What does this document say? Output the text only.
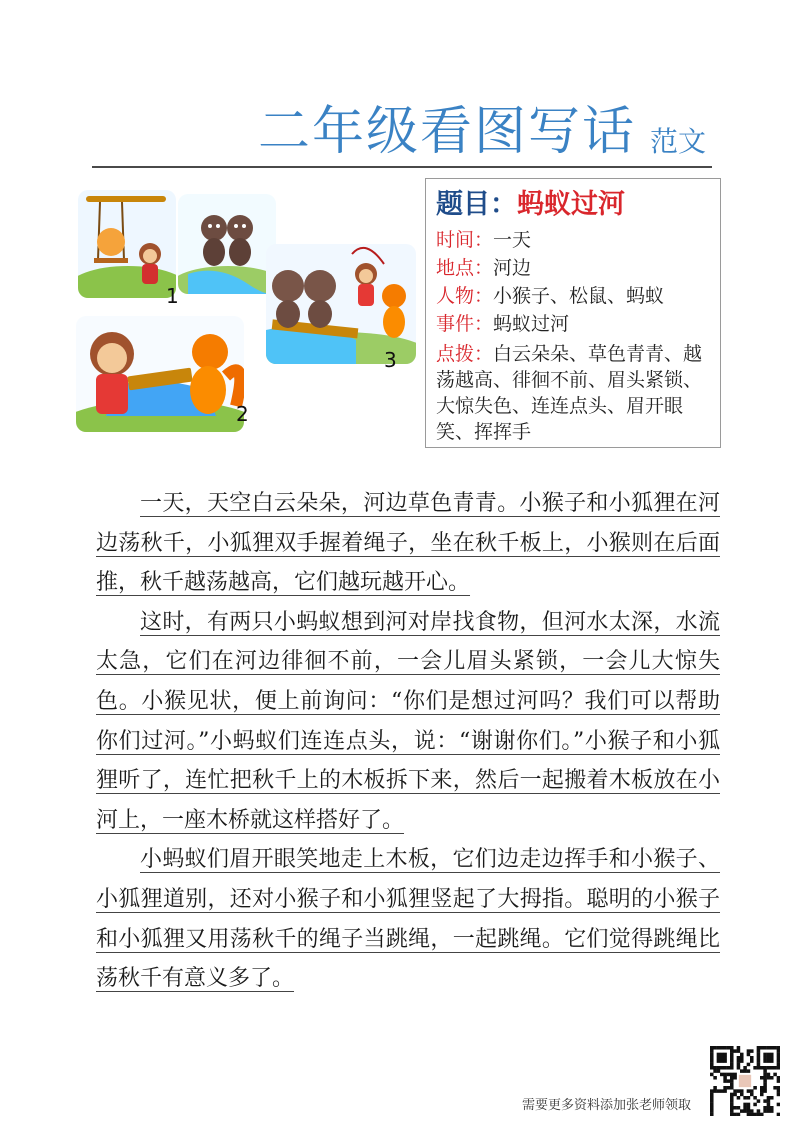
二年级看图写话 范文
1
2
3
题目：蚂蚁过河
时间：一天
地点：河边
人物：小猴子、松鼠、蚂蚁
事件：蚂蚁过河
点拨：白云朵朵、草色青青、越荡越高、徘徊不前、眉头紧锁、大惊失色、连连点头、眉开眼笑、挥挥手

一天，天空白云朵朵，河边草色青青。小猴子和小狐狸在河边荡秋千，小狐狸双手握着绳子，坐在秋千板上，小猴则在后面推，秋千越荡越高，它们越玩越开心。

这时，有两只小蚂蚁想到河对岸找食物，但河水太深，水流太急，它们在河边徘徊不前，一会儿眉头紧锁，一会儿大惊失色。小猴见状，便上前询问：“你们是想过河吗？我们可以帮助你们过河。”小蚂蚁们连连点头，说：“谢谢你们。”小猴子和小狐狸听了，连忙把秋千上的木板拆下来，然后一起搬着木板放在小河上，一座木桥就这样搭好了。

小蚂蚁们眉开眼笑地走上木板，它们边走边挥手和小猴子、小狐狸道别，还对小猴子和小狐狸竖起了大拇指。聪明的小猴子和小狐狸又用荡秋千的绳子当跳绳，一起跳绳。它们觉得跳绳比荡秋千有意义多了。

需要更多资料添加张老师领取
